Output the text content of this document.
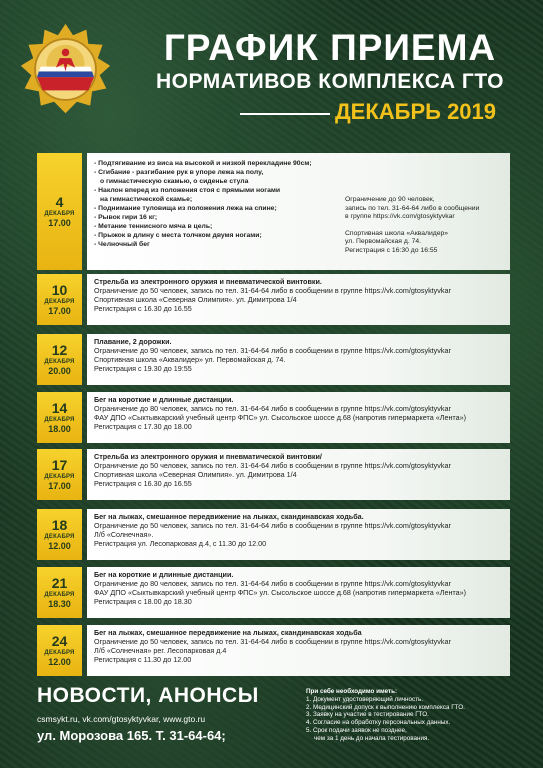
ГРАФИК ПРИЕМА
НОРМАТИВОВ КОМПЛЕКСА ГТО
ДЕКАБРЬ 2019
4
ДЕКАБРЯ
17.00
- Подтягивание из виса на высокой и низкой перекладине 90см;
- Сгибание - разгибание рук в упоре лежа на полу,
о гимнастическую скамью, о сиденье стула
- Наклон вперед из положения стоя с прямыми ногами
на гимнастической скамье;
- Поднимание туловища из положения лежа на спине;
- Рывок гири 16 кг;
- Метание теннисного мяча в цель;
- Прыжок в длину с места толчком двумя ногами;
- Челночный бег
Ограничение до 90 человек,
запись по тел. 31-64-64 либо в сообщении
в группе https://vk.com/gtosyktyvkar
Спортивная школа «Аквалидер»
ул. Первомайская д. 74.
Регистрация с 16:30 до 16:55
10
ДЕКАБРЯ
17.00
Стрельба из электронного оружия и пневматической винтовки.
Ограничение до 50 человек, запись по тел. 31-64-64 либо в сообщении в группе https://vk.com/gtosyktyvkar
Спортивная школа «Северная Олимпия». ул. Димитрова 1/4
Регистрация с 16.30 до 16.55
12
ДЕКАБРЯ
20.00
Плавание, 2 дорожки.
Ограничение до 90 человек, запись по тел. 31-64-64 либо в сообщении в группе https://vk.com/gtosyktyvkar
Спортивная школа «Аквалидер» ул. Первомайская д. 74.
Регистрация с 19.30 до 19:55
14
ДЕКАБРЯ
18.00
Бег на короткие и длинные дистанции.
Ограничение до 80 человек, запись по тел. 31-64-64 либо в сообщении в группе https://vk.com/gtosyktyvkar
ФАУ ДПО «Сыктывкарский учебный центр ФПС» ул. Сысольское шоссе д.68 (напротив гипермаркета «Лента»)
Регистрация с 17.30 до 18.00
17
ДЕКАБРЯ
17.00
Стрельба из электронного оружия и пневматической винтовки/
Ограничение до 50 человек, запись по тел. 31-64-64 либо в сообщении в группе https://vk.com/gtosyktyvkar
Спортивная школа «Северная Олимпия». ул. Димитрова 1/4
Регистрация с 16.30 до 16.55
18
ДЕКАБРЯ
12.00
Бег на лыжах, смешанное передвижение на лыжах, скандинавская ходьба.
Ограничение до 50 человек, запись по тел. 31-64-64 либо в сообщении в группе https://vk.com/gtosyktyvkar
Л/б «Солнечная».
Регистрация ул. Лесопарковая д.4, с 11.30 до 12.00
21
ДЕКАБРЯ
18.30
Бег на короткие и длинные дистанции.
Ограничение до 80 человек, запись по тел. 31-64-64 либо в сообщении в группе https://vk.com/gtosyktyvkar
ФАУ ДПО «Сыктывкарский учебный центр ФПС» ул. Сысольское шоссе д.68 (напротив гипермаркета «Лента»)
Регистрация с 18.00 до 18.30
24
ДЕКАБРЯ
12.00
Бег на лыжах, смешанное передвижение на лыжах, скандинавская ходьба
Ограничение до 50 человек, запись по тел. 31-64-64 либо в сообщении в группе https://vk.com/gtosyktyvkar
Л/б «Солнечная» рег. Лесопарковая д.4
Регистрация с 11.30 до 12.00
НОВОСТИ, АНОНСЫ
csmsykt.ru, vk.com/gtosyktyvkar, www.gto.ru
ул. Морозова 165. Т. 31-64-64;
При себе необходимо иметь:
1. Документ удостоверяющий личность.
2. Медицинский допуск к выполнению комплекса ГТО.
3. Заявку на участие в тестирование ГТО.
4. Согласие на обработку персональных данных.
5. Срок подачи заявок не позднее,
чем за 1 день до начала тестирования.
